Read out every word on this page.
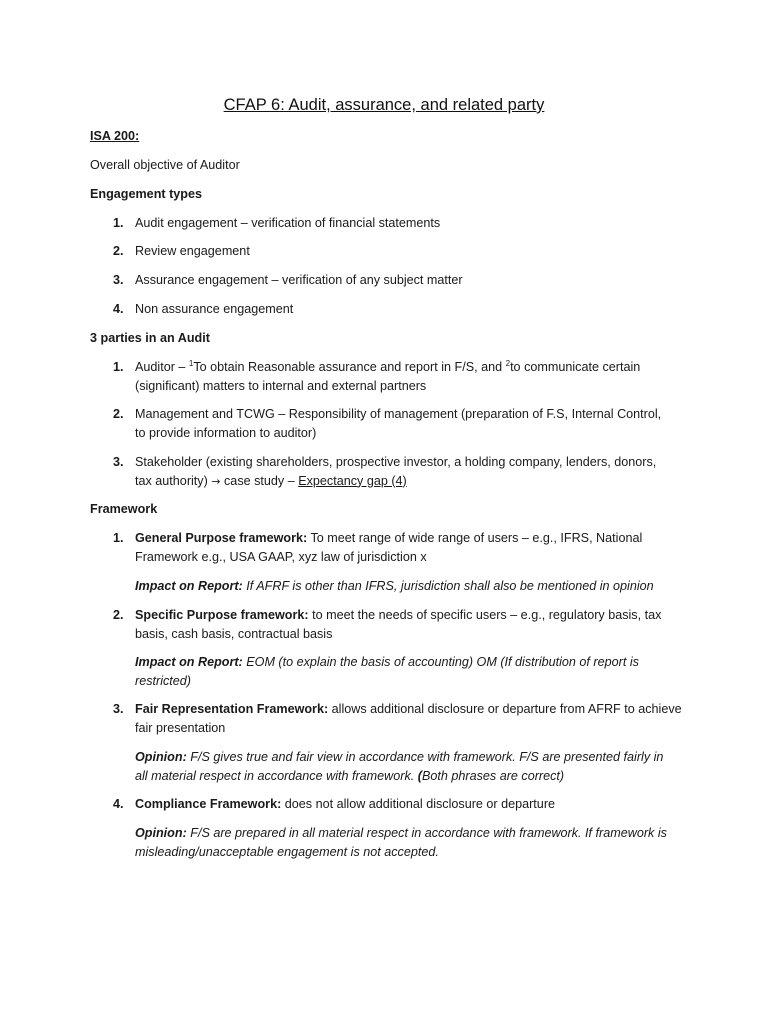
CFAP 6: Audit, assurance, and related party
ISA 200:
Overall objective of Auditor
Engagement types
1. Audit engagement – verification of financial statements
2. Review engagement
3. Assurance engagement – verification of any subject matter
4. Non assurance engagement
3 parties in an Audit
1. Auditor – $^1$To obtain Reasonable assurance and report in F/S, and $^2$to communicate certain
(significant) matters to internal and external partners
2. Management and TCWG – Responsibility of management (preparation of F.S, Internal Control,
to provide information to auditor)
3. Stakeholder (existing shareholders, prospective investor, a holding company, lenders, donors,
tax authority) → case study – Expectancy gap (4)
Framework
1. General Purpose framework: To meet range of wide range of users – e.g., IFRS, National
Framework e.g., USA GAAP, xyz law of jurisdiction x
Impact on Report: If AFRF is other than IFRS, jurisdiction shall also be mentioned in opinion
2. Specific Purpose framework: to meet the needs of specific users – e.g., regulatory basis, tax
basis, cash basis, contractual basis
Impact on Report: EOM (to explain the basis of accounting) OM (If distribution of report is
restricted)
3. Fair Representation Framework: allows additional disclosure or departure from AFRF to achieve
fair presentation
Opinion: F/S gives true and fair view in accordance with framework. F/S are presented fairly in
all material respect in accordance with framework. (Both phrases are correct)
4. Compliance Framework: does not allow additional disclosure or departure
Opinion: F/S are prepared in all material respect in accordance with framework. If framework is
misleading/unacceptable engagement is not accepted.
